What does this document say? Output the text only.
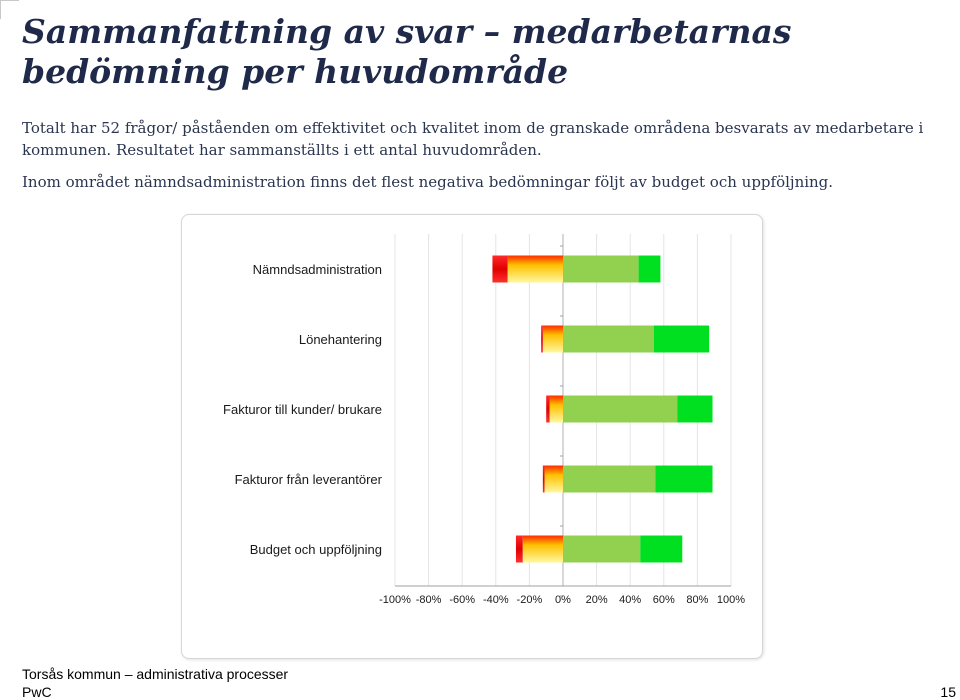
Sammanfattning av svar – medarbetarnas
bedömning per huvudområde
Totalt har 52 frågor/ påståenden om effektivitet och kvalitet inom de granskade områdena besvarats av medarbetare i kommunen. Resultatet har sammanställts i ett antal huvudområden.
Inom området nämndsadministration finns det flest negativa bedömningar följt av budget och uppföljning.
Nämndsadministration
Lönehantering
Fakturor till kunder/ brukare
Fakturor från leverantörer
Budget och uppföljning
-100% -80% -60% -40% -20% 0% 20% 40% 60% 80% 100%
Torsås kommun – administrativa processer
PwC	15
